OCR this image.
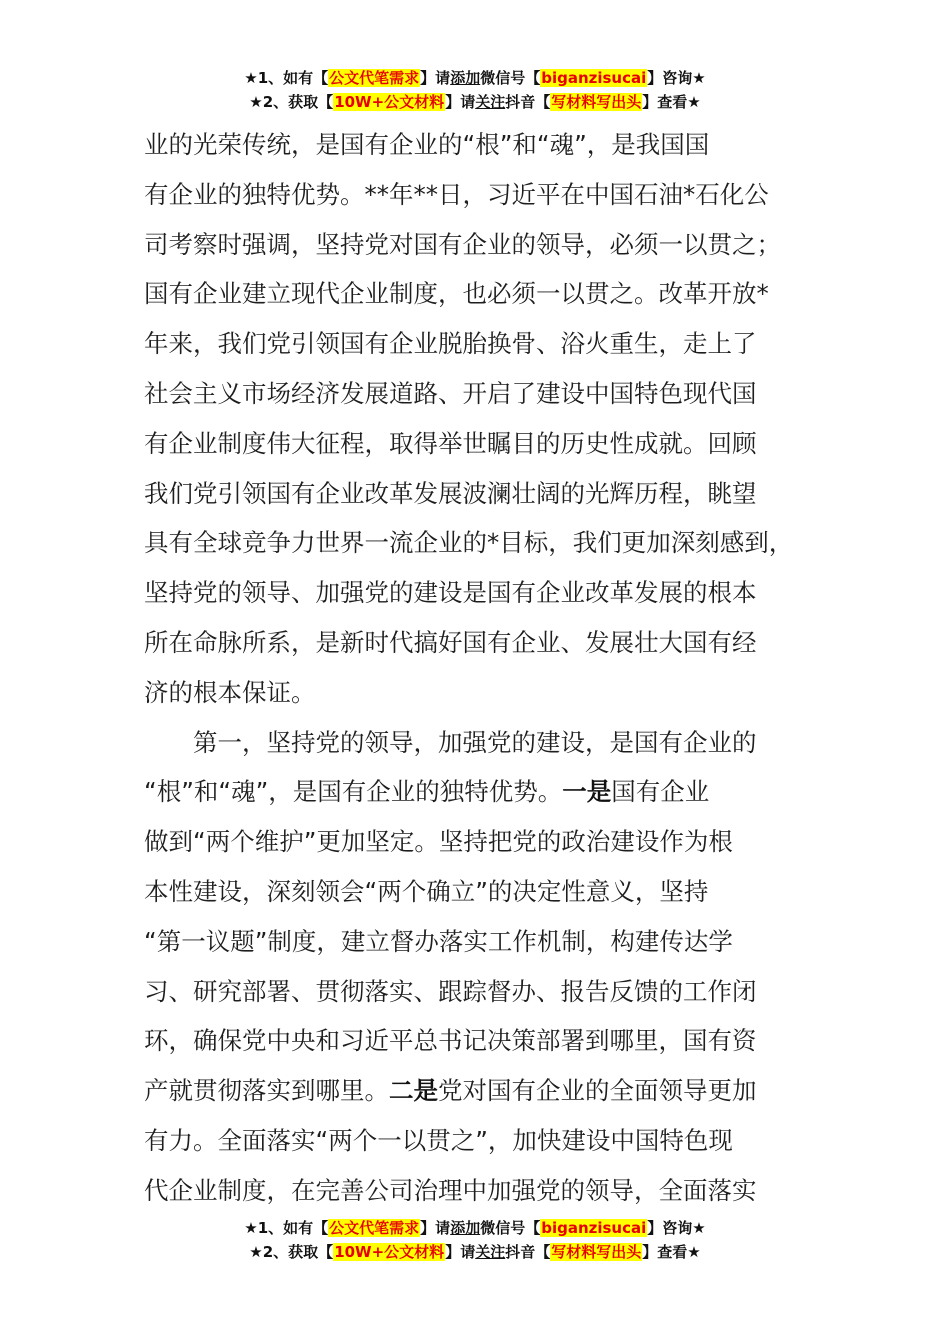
★1、如有【公文代笔需求】请添加微信号【biganzisucai】咨询★
★2、获取【10W+公文材料】请关注抖音【写材料写出头】查看★
业的光荣传统，是国有企业的“根”和“魂”，是我国国
有企业的独特优势。**年**日，习近平在中国石油*石化公
司考察时强调，坚持党对国有企业的领导，必须一以贯之；
国有企业建立现代企业制度，也必须一以贯之。改革开放*
年来，我们党引领国有企业脱胎换骨、浴火重生，走上了
社会主义市场经济发展道路、开启了建设中国特色现代国
有企业制度伟大征程，取得举世瞩目的历史性成就。回顾
我们党引领国有企业改革发展波澜壮阔的光辉历程，眺望
具有全球竞争力世界一流企业的*目标，我们更加深刻感到，
坚持党的领导、加强党的建设是国有企业改革发展的根本
所在命脉所系，是新时代搞好国有企业、发展壮大国有经
济的根本保证。
第一，坚持党的领导，加强党的建设，是国有企业的
“根”和“魂”，是国有企业的独特优势。一是国有企业
做到“两个维护”更加坚定。坚持把党的政治建设作为根
本性建设，深刻领会“两个确立”的决定性意义，坚持
“第一议题”制度，建立督办落实工作机制，构建传达学
习、研究部署、贯彻落实、跟踪督办、报告反馈的工作闭
环，确保党中央和习近平总书记决策部署到哪里，国有资
产就贯彻落实到哪里。二是党对国有企业的全面领导更加
有力。全面落实“两个一以贯之”，加快建设中国特色现
代企业制度，在完善公司治理中加强党的领导，全面落实
★1、如有【公文代笔需求】请添加微信号【biganzisucai】咨询★
★2、获取【10W+公文材料】请关注抖音【写材料写出头】查看★
